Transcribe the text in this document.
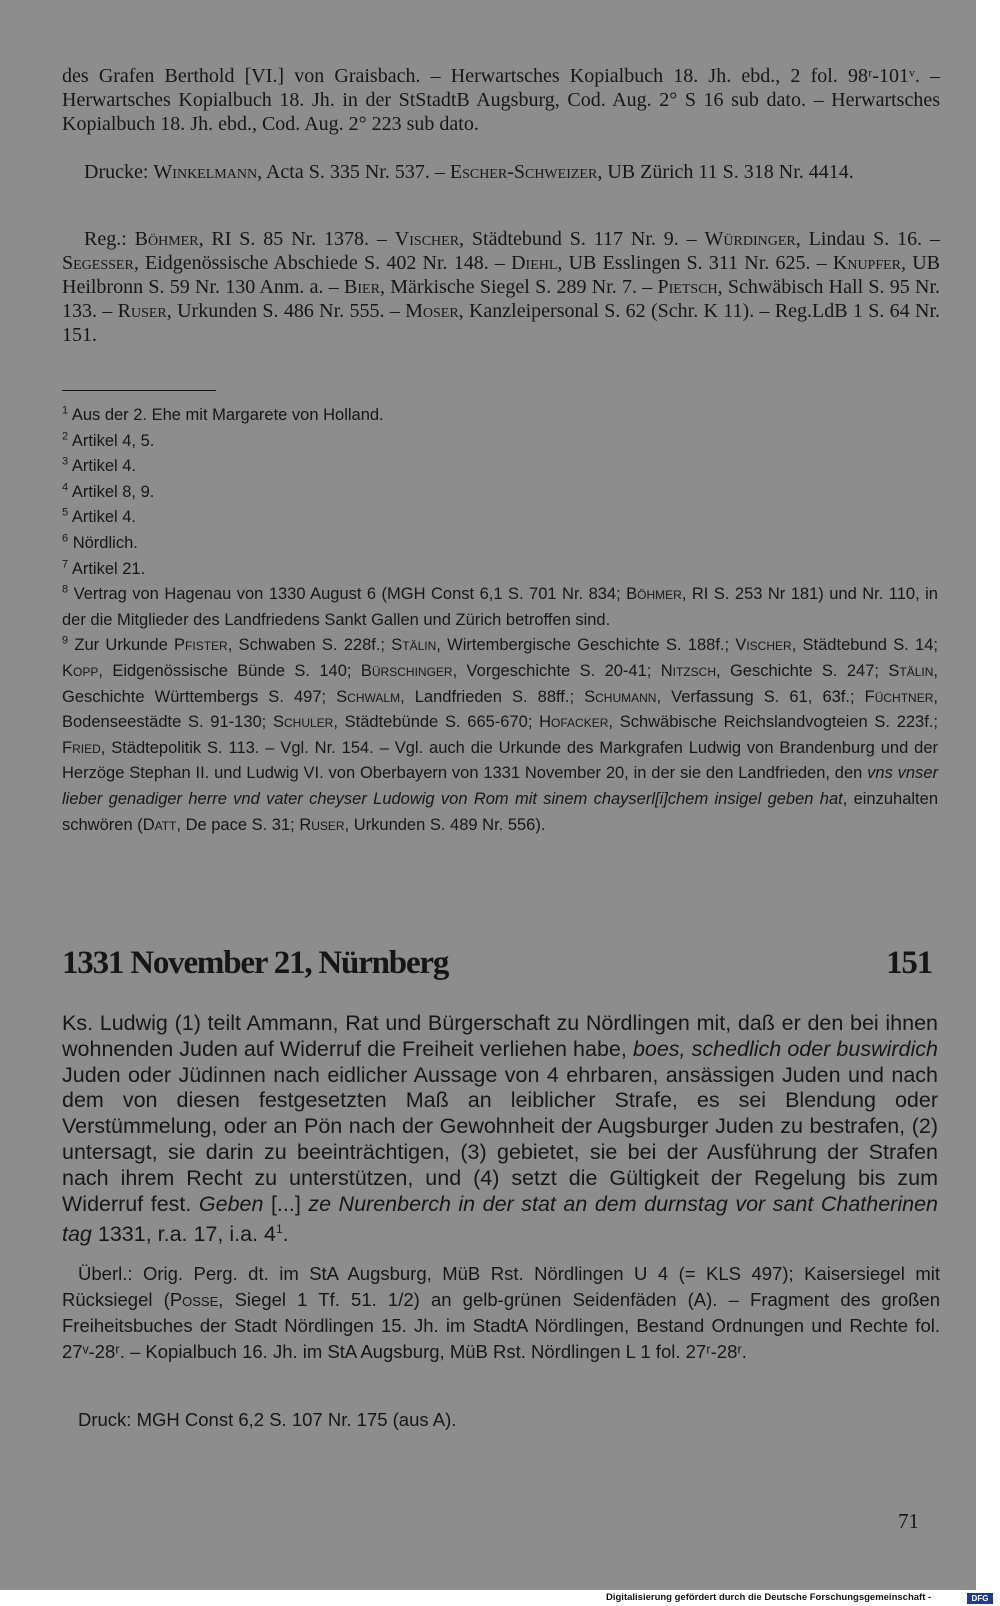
des Grafen Berthold [VI.] von Graisbach. – Herwartsches Kopialbuch 18. Jh. ebd., 2 fol. 98ʳ-101ᵛ. – Herwartsches Kopialbuch 18. Jh. in der StStadtB Augsburg, Cod. Aug. 2° S 16 sub dato. – Herwartsches Kopialbuch 18. Jh. ebd., Cod. Aug. 2° 223 sub dato.

Drucke: Winkelmann, Acta S. 335 Nr. 537. – Escher-Schweizer, UB Zürich 11 S. 318 Nr. 4414.

Reg.: Böhmer, RI S. 85 Nr. 1378. – Vischer, Städtebund S. 117 Nr. 9. – Würdinger, Lindau S. 16. – Segesser, Eidgenössische Abschiede S. 402 Nr. 148. – Diehl, UB Esslingen S. 311 Nr. 625. – Knupfer, UB Heilbronn S. 59 Nr. 130 Anm. a. – Bier, Märkische Siegel S. 289 Nr. 7. – Pietsch, Schwäbisch Hall S. 95 Nr. 133. – Ruser, Urkunden S. 486 Nr. 555. – Moser, Kanzleipersonal S. 62 (Schr. K 11). – Reg.LdB 1 S. 64 Nr. 151.

$^1$ Aus der 2. Ehe mit Margarete von Holland.
$^2$ Artikel 4, 5.
$^3$ Artikel 4.
$^4$ Artikel 8, 9.
$^5$ Artikel 4.
$^6$ Nördlich.
$^7$ Artikel 21.
$^8$ Vertrag von Hagenau von 1330 August 6 (MGH Const 6,1 S. 701 Nr. 834; Böhmer, RI S. 253 Nr 181) und Nr. 110, in der die Mitglieder des Landfriedens Sankt Gallen und Zürich betroffen sind.
$^9$ Zur Urkunde Pfister, Schwaben S. 228f.; Stälin, Wirtembergische Geschichte S. 188f.; Vischer, Städtebund S. 14; Kopp, Eidgenössische Bünde S. 140; Bürschinger, Vorgeschichte S. 20-41; Nitzsch, Geschichte S. 247; Stälin, Geschichte Württembergs S. 497; Schwalm, Landfrieden S. 88ff.; Schumann, Verfassung S. 61, 63f.; Füchtner, Bodenseestädte S. 91-130; Schuler, Städtebünde S. 665-670; Hofacker, Schwäbische Reichslandvogteien S. 223f.; Fried, Städtepolitik S. 113. – Vgl. Nr. 154. – Vgl. auch die Urkunde des Markgrafen Ludwig von Brandenburg und der Herzöge Stephan II. und Ludwig VI. von Oberbayern von 1331 November 20, in der sie den Landfrieden, den vns vnser lieber genadiger herre vnd vater cheyser Ludowig von Rom mit sinem chayserl[i]chem insigel geben hat, einzuhalten schwören (Datt, De pace S. 31; Ruser, Urkunden S. 489 Nr. 556).
1331 November 21, Nürnberg	151

Ks. Ludwig (1) teilt Ammann, Rat und Bürgerschaft zu Nördlingen mit, daß er den bei ihnen wohnenden Juden auf Widerruf die Freiheit verliehen habe, boes, schedlich oder buswirdich Juden oder Jüdinnen nach eidlicher Aussage von 4 ehrbaren, ansässigen Juden und nach dem von diesen festgesetzten Maß an leiblicher Strafe, es sei Blendung oder Verstümmelung, oder an Pön nach der Gewohnheit der Augsburger Juden zu bestrafen, (2) untersagt, sie darin zu beeinträchtigen, (3) gebietet, sie bei der Ausführung der Strafen nach ihrem Recht zu unterstützen, und (4) setzt die Gültigkeit der Regelung bis zum Widerruf fest. Geben [...] ze Nurenberch in der stat an dem durnstag vor sant Chatherinen tag 1331, r.a. 17, i.a. $4^1$.

Überl.: Orig. Perg. dt. im StA Augsburg, MüB Rst. Nördlingen U 4 (= KLS 497); Kaisersiegel mit Rücksiegel (Posse, Siegel 1 Tf. 51. 1/2) an gelb-grünen Seidenfäden (A). – Fragment des großen Freiheitsbuches der Stadt Nördlingen 15. Jh. im StadtA Nördlingen, Bestand Ordnungen und Rechte fol. 27ᵛ-28ʳ. – Kopialbuch 16. Jh. im StA Augsburg, MüB Rst. Nördlingen L 1 fol. 27ʳ-28ʳ.

Druck: MGH Const 6,2 S. 107 Nr. 175 (aus A).

71
Digitalisierung gefördert durch die Deutsche Forschungsgemeinschaft -	DFG
